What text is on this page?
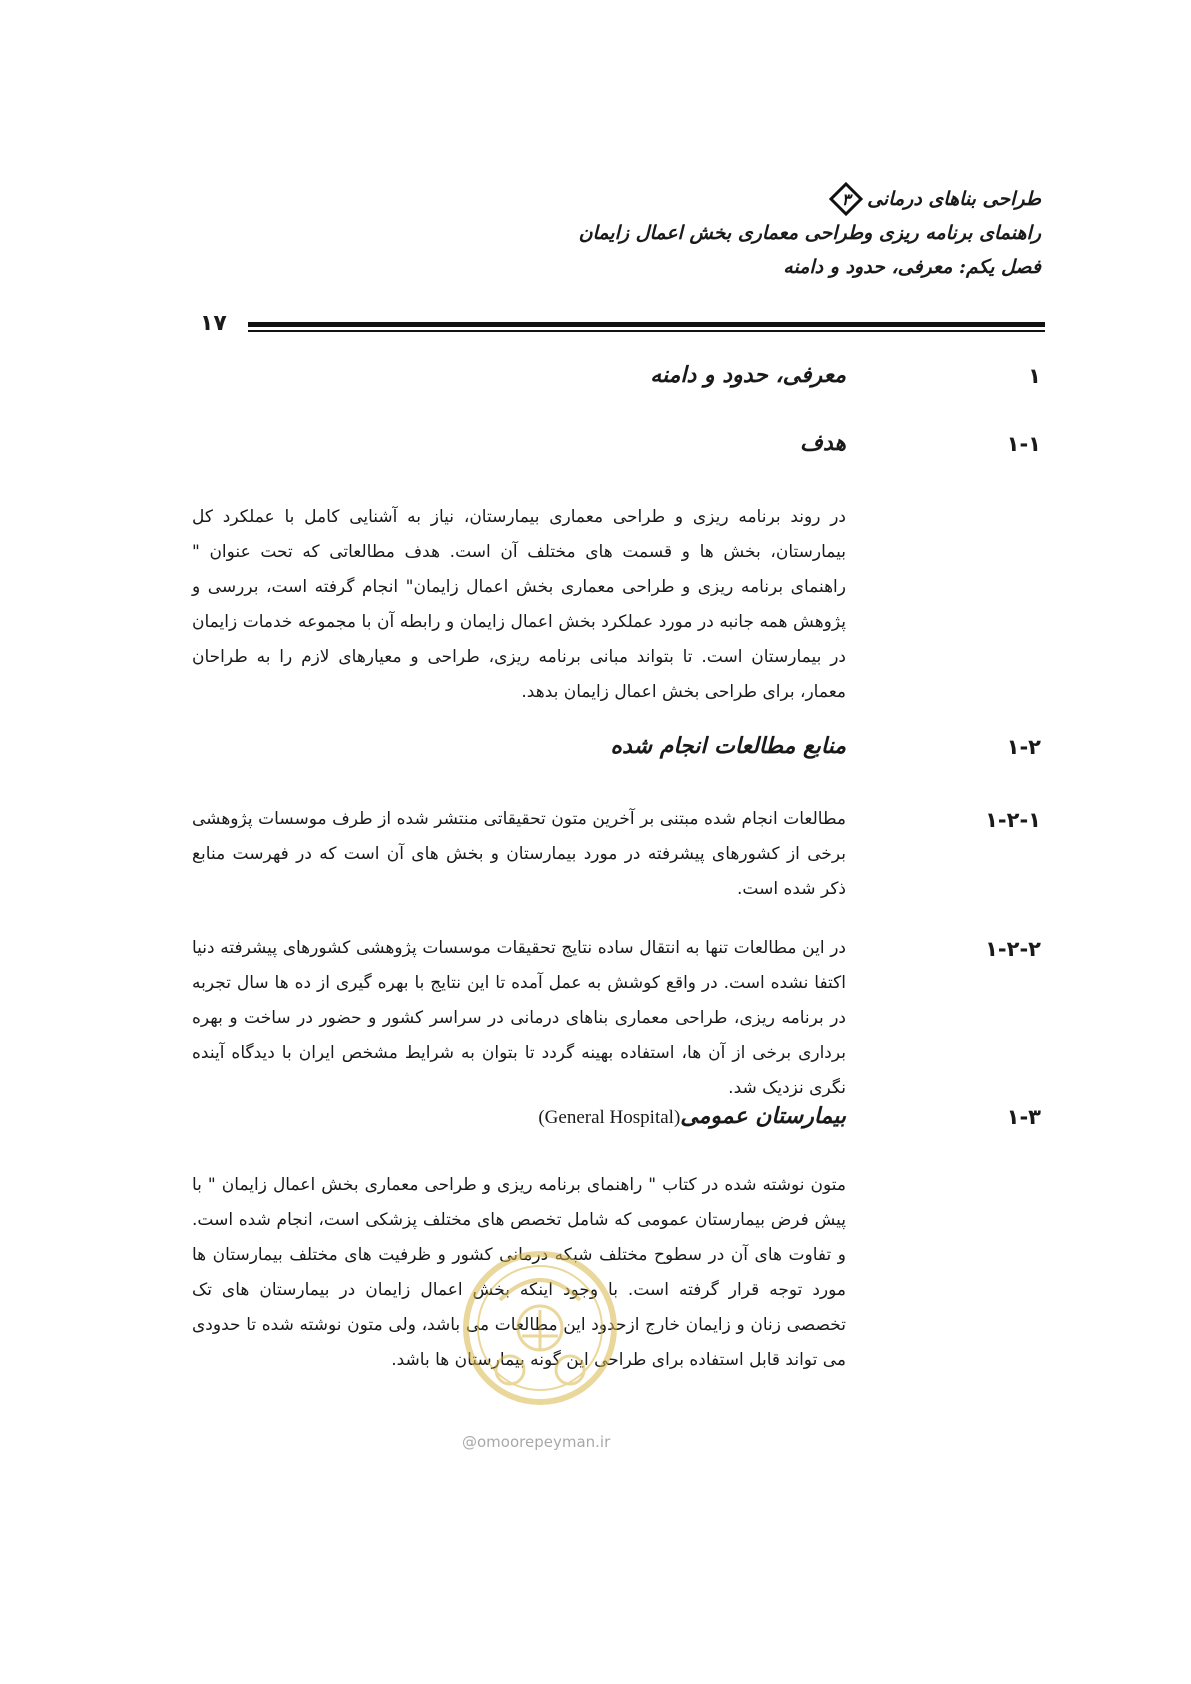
طراحی بناهای درمانی
۳
راهنمای برنامه ریزی وطراحی معماری بخش اعمال زایمان
فصل یکم: معرفی، حدود و دامنه
۱۷
۱
معرفی، حدود و دامنه
۱-۱
هدف
در روند برنامه ریزی و طراحی معماری بیمارستان، نیاز به آشنایی کامل با عملکرد کل بیمارستان، بخش ها و قسمت های مختلف آن است. هدف مطالعاتی که تحت عنوان " راهنمای برنامه ریزی و طراحی معماری بخش اعمال زایمان" انجام گرفته است، بررسی و پژوهش همه جانبه در مورد عملکرد بخش اعمال زایمان و رابطه آن با مجموعه خدمات زایمان در بیمارستان است. تا بتواند مبانی برنامه ریزی، طراحی و معیارهای لازم را به طراحان معمار، برای طراحی بخش اعمال زایمان بدهد.
۱-۲
منابع مطالعات انجام شده
۱-۲-۱
مطالعات انجام شده مبتنی بر آخرین متون تحقیقاتی منتشر شده از طرف موسسات پژوهشی برخی از کشورهای پیشرفته در مورد بیمارستان و بخش های آن است که در فهرست منابع ذکر شده است.
۱-۲-۲
در این مطالعات تنها به انتقال ساده نتایج تحقیقات موسسات پژوهشی کشورهای پیشرفته دنیا اکتفا نشده است. در واقع کوشش به عمل آمده تا این نتایج با بهره گیری از ده ها سال تجربه در برنامه ریزی، طراحی معماری بناهای درمانی در سراسر کشور و حضور در ساخت و بهره برداری برخی از آن ها، استفاده بهینه گردد تا بتوان به شرایط مشخص ایران با دیدگاه آینده نگری نزدیک شد.
۱-۳
بیمارستان عمومی(General Hospital)
متون نوشته شده در کتاب " راهنمای برنامه ریزی و طراحی معماری بخش اعمال زایمان " با پیش فرض بیمارستان عمومی که شامل تخصص های مختلف پزشکی است، انجام شده است. و تفاوت های آن در سطوح مختلف شبکه درمانی کشور و ظرفیت های مختلف بیمارستان ها مورد توجه قرار گرفته است. با وجود اینکه بخش اعمال زایمان در بیمارستان های تک تخصصی زنان و زایمان خارج ازحدود این مطالعات می باشد، ولی متون نوشته شده تا حدودی می تواند قابل استفاده برای طراحی این گونه بیمارستان ها باشد.
@omoorepeyman.ir
